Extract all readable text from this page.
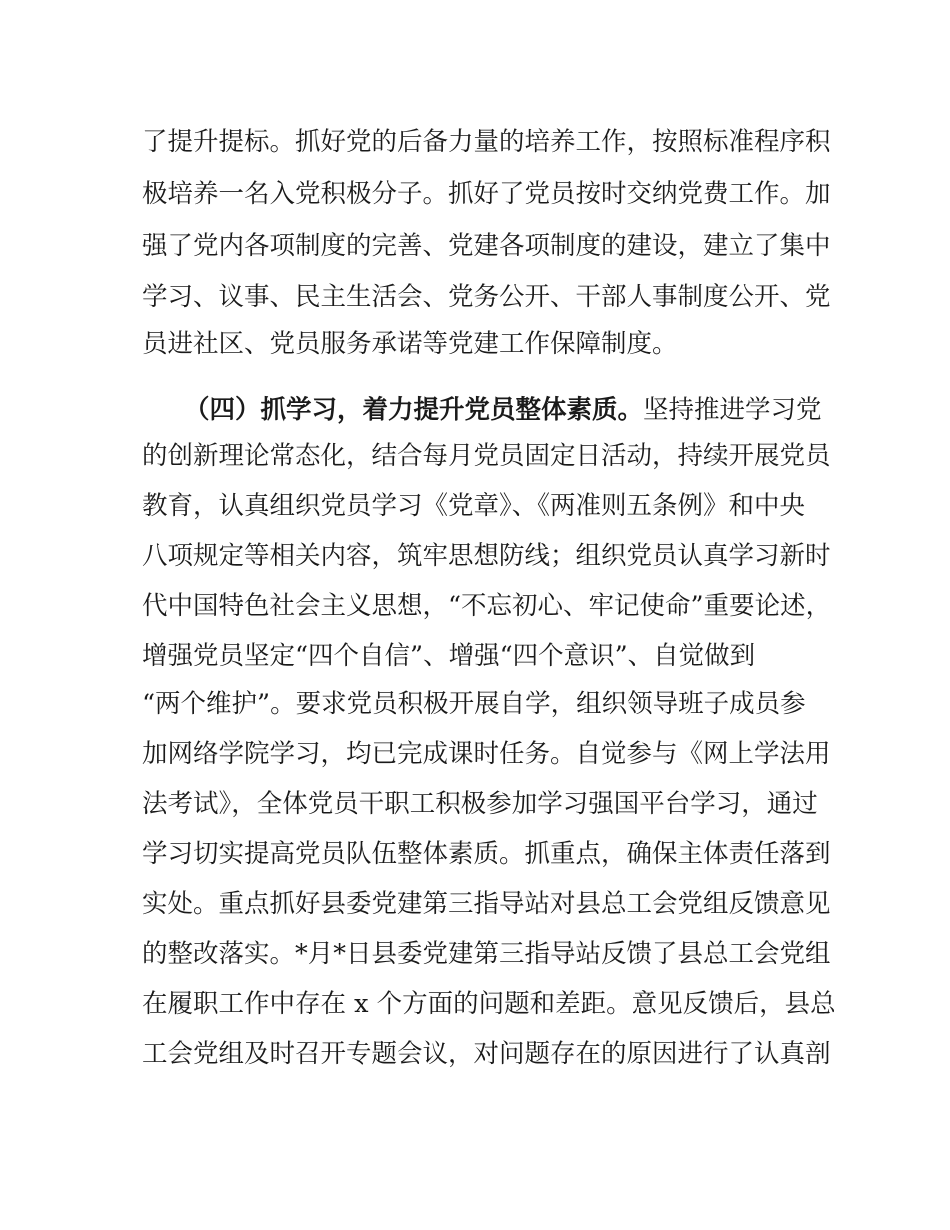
了提升提标。抓好党的后备力量的培养工作，按照标准程序积
极培养一名入党积极分子。抓好了党员按时交纳党费工作。加
强了党内各项制度的完善、党建各项制度的建设，建立了集中
学习、议事、民主生活会、党务公开、干部人事制度公开、党
员进社区、党员服务承诺等党建工作保障制度。
（四）抓学习，着力提升党员整体素质。坚持推进学习党
的创新理论常态化，结合每月党员固定日活动，持续开展党员
教育，认真组织党员学习《党章》、《两准则五条例》和中央
八项规定等相关内容，筑牢思想防线；组织党员认真学习新时
代中国特色社会主义思想，“不忘初心、牢记使命”重要论述，
增强党员坚定“四个自信”、增强“四个意识”、自觉做到
“两个维护”。要求党员积极开展自学，组织领导班子成员参
加网络学院学习，均已完成课时任务。自觉参与《网上学法用
法考试》，全体党员干职工积极参加学习强国平台学习，通过
学习切实提高党员队伍整体素质。抓重点，确保主体责任落到
实处。重点抓好县委党建第三指导站对县总工会党组反馈意见
的整改落实。*月*日县委党建第三指导站反馈了县总工会党组
在履职工作中存在 x 个方面的问题和差距。意见反馈后，县总
工会党组及时召开专题会议，对问题存在的原因进行了认真剖
